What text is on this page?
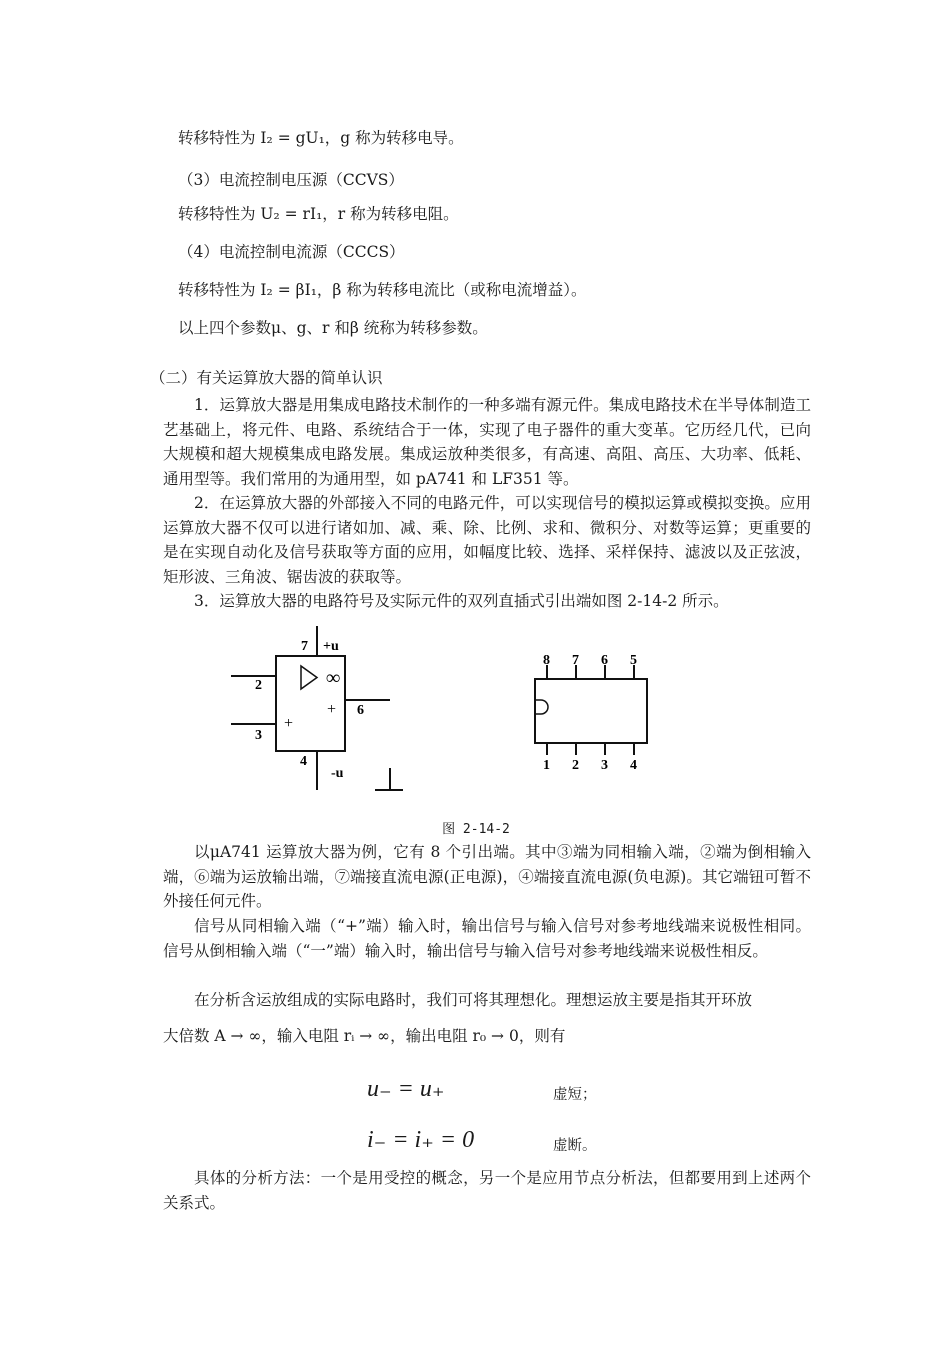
转移特性为 I₂ = gU₁，g 称为转移电导。
（3）电流控制电压源（CCVS）
转移特性为 U₂ = rI₁，r 称为转移电阻。
（4）电流控制电流源（CCCS）
转移特性为 I₂ = βI₁，β 称为转移电流比（或称电流增益）。
以上四个参数μ、g、r 和β 统称为转移参数。
（二）有关运算放大器的简单认识
1．运算放大器是用集成电路技术制作的一种多端有源元件。集成电路技术在半导体制造工艺基础上，将元件、电路、系统结合于一体，实现了电子器件的重大变革。它历经几代，已向大规模和超大规模集成电路发展。集成运放种类很多，有高速、高阻、高压、大功率、低耗、通用型等。我们常用的为通用型，如 pA741 和 LF351 等。
2．在运算放大器的外部接入不同的电路元件，可以实现信号的模拟运算或模拟变换。应用运算放大器不仅可以进行诸如加、减、乘、除、比例、求和、微积分、对数等运算；更重要的是在实现自动化及信号获取等方面的应用，如幅度比较、选择、采样保持、滤波以及正弦波，矩形波、三角波、锯齿波的获取等。
3．运算放大器的电路符号及实际元件的双列直插式引出端如图 2-14-2 所示。
7 +u
2
3
6
4
-u
∞
+
+
8 7 6 5
1 2 3 4
图 2-14-2
以μA741 运算放大器为例，它有 8 个引出端。其中③端为同相输入端，②端为倒相输入端，⑥端为运放输出端，⑦端接直流电源(正电源)，④端接直流电源(负电源)。其它端钮可暂不外接任何元件。
信号从同相输入端（“+”端）输入时，输出信号与输入信号对参考地线端来说极性相同。信号从倒相输入端（“一”端）输入时，输出信号与输入信号对参考地线端来说极性相反。
在分析含运放组成的实际电路时，我们可将其理想化。理想运放主要是指其开环放
大倍数 A → ∞，输入电阻 rᵢ → ∞，输出电阻 r₀ → 0，则有
u₋ = u₊	虚短；
i₋ = i₊ = 0	虚断。
具体的分析方法：一个是用受控的概念，另一个是应用节点分析法，但都要用到上述两个关系式。
